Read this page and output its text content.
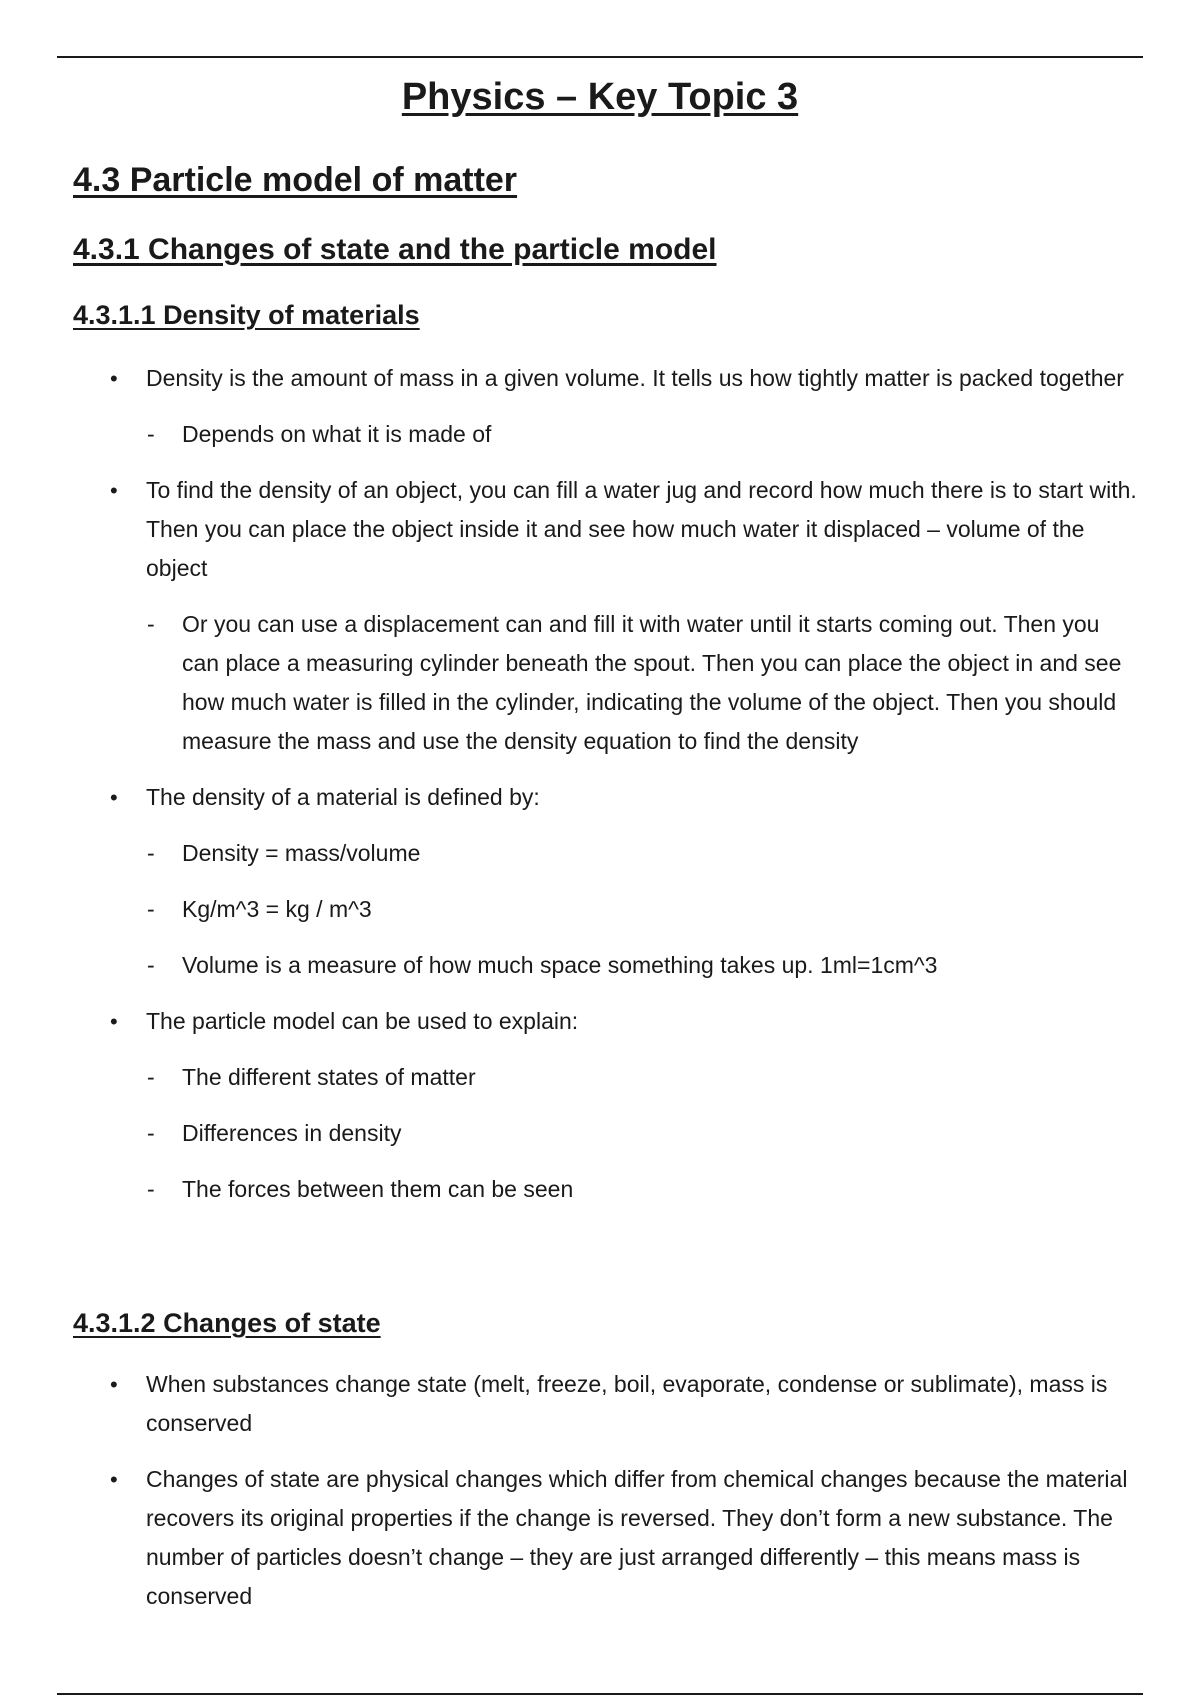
Physics – Key Topic 3
4.3 Particle model of matter
4.3.1 Changes of state and the particle model
4.3.1.1 Density of materials
• Density is the amount of mass in a given volume. It tells us how tightly matter is packed together
- Depends on what it is made of
• To find the density of an object, you can fill a water jug and record how much there is to start with. Then you can place the object inside it and see how much water it displaced – volume of the object
- Or you can use a displacement can and fill it with water until it starts coming out. Then you can place a measuring cylinder beneath the spout. Then you can place the object in and see how much water is filled in the cylinder, indicating the volume of the object. Then you should measure the mass and use the density equation to find the density
• The density of a material is defined by:
- Density = mass/volume
- Kg/m^3 = kg / m^3
- Volume is a measure of how much space something takes up. 1ml=1cm^3
• The particle model can be used to explain:
- The different states of matter
- Differences in density
- The forces between them can be seen
4.3.1.2 Changes of state
• When substances change state (melt, freeze, boil, evaporate, condense or sublimate), mass is conserved
• Changes of state are physical changes which differ from chemical changes because the material recovers its original properties if the change is reversed. They don’t form a new substance. The number of particles doesn’t change – they are just arranged differently – this means mass is conserved
